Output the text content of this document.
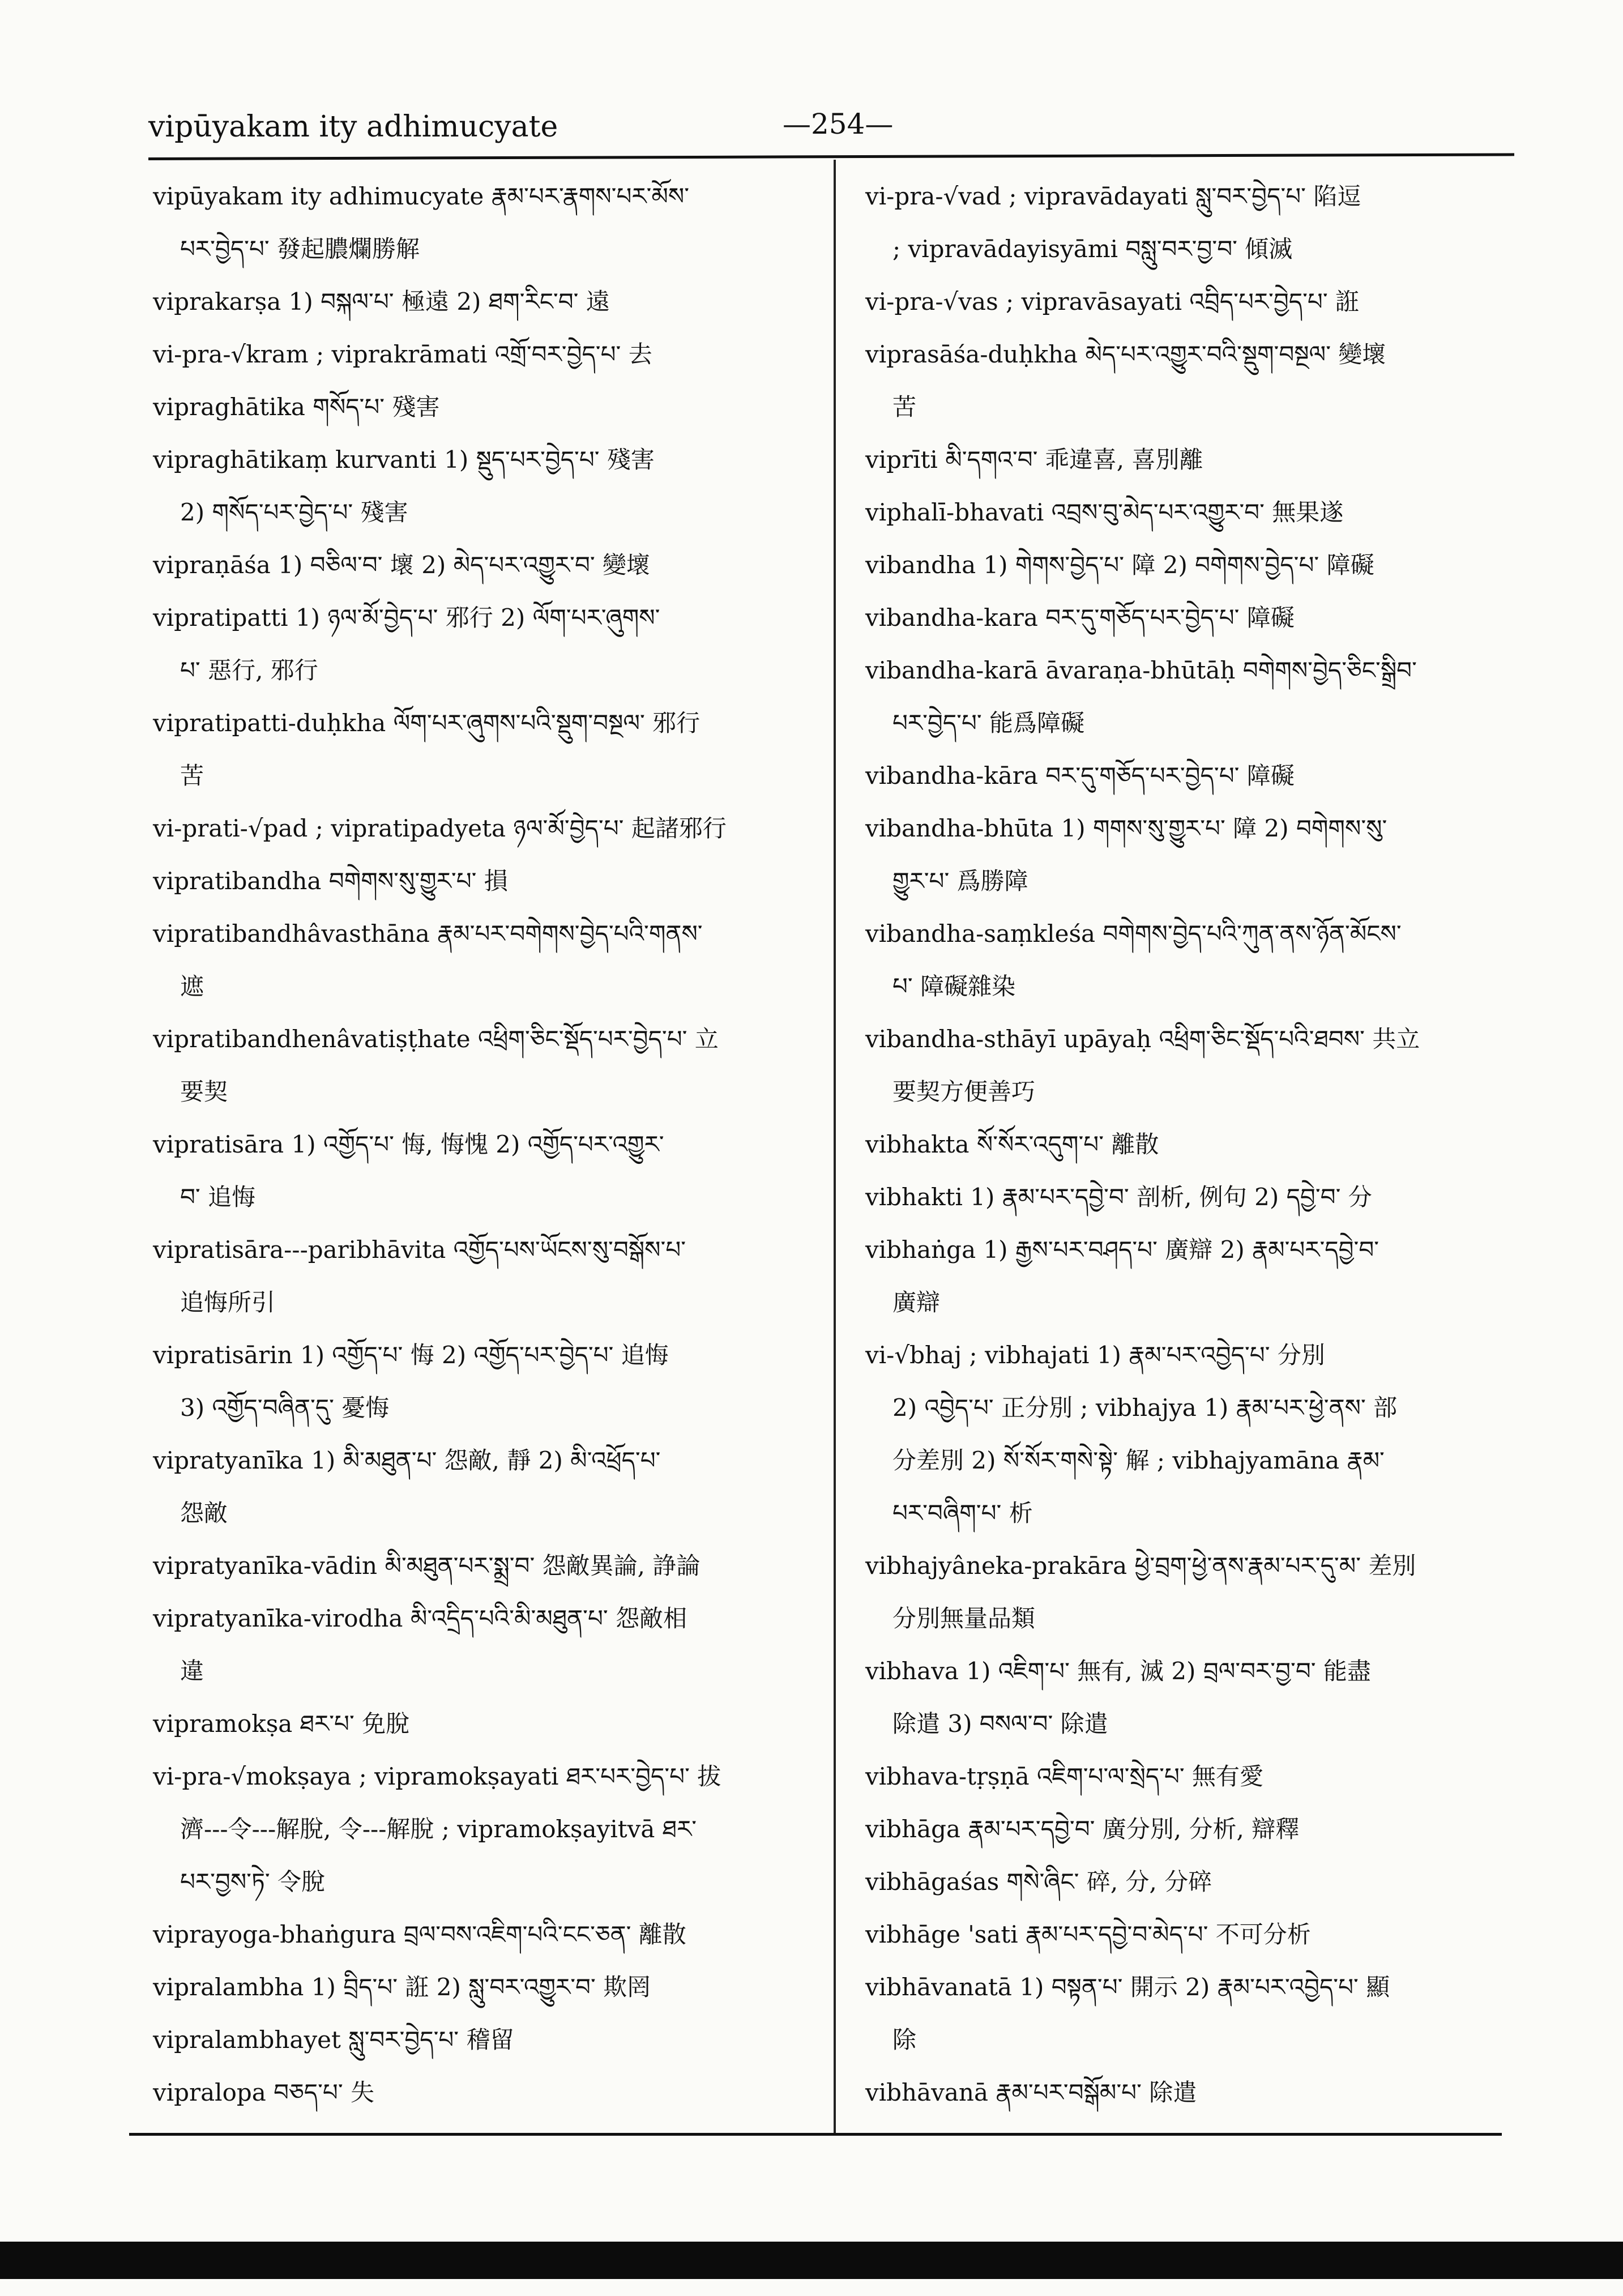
vipūyakam ity adhimucyate	—254—
vipūyakam ity adhimucyate རྣམ་པར་རྣགས་པར་མོས་
པར་བྱེད་པ་ 發起膿爛勝解
viprakarṣa 1) བསྐལ་པ་ 極遠 2) ཐག་རིང་བ་ 遠
vi-pra-√kram ; viprakrāmati འགྲོ་བར་བྱེད་པ་ 去
vipraghātika གསོད་པ་ 殘害
vipraghātikaṃ kurvanti 1) སྡུད་པར་བྱེད་པ་ 殘害
2) གསོད་པར་བྱེད་པ་ 殘害
vipraṇāśa 1) བཅིལ་བ་ 壞 2) མེད་པར་འགྱུར་བ་ 變壞
vipratipatti 1) ཉལ་མོ་བྱེད་པ་ 邪行 2) ལོག་པར་ཞུགས་
པ་ 惡行, 邪行
vipratipatti-duḥkha ལོག་པར་ཞུགས་པའི་སྡུག་བསྔལ་ 邪行
苦
vi-prati-√pad ; vipratipadyeta ཉལ་མོ་བྱེད་པ་ 起諸邪行
vipratibandha བགེགས་སུ་གྱུར་པ་ 損
vipratibandhâvasthāna རྣམ་པར་བགེགས་བྱེད་པའི་གནས་
遮
vipratibandhenâvatiṣṭhate འཕྲིག་ཅིང་སྡོད་པར་བྱེད་པ་ 立
要契
vipratisāra 1) འགྱོད་པ་ 悔, 悔愧 2) འགྱོད་པར་འགྱུར་
བ་ 追悔
vipratisāra---paribhāvita འགྱོད་པས་ཡོངས་སུ་བསྒོས་པ་
追悔所引
vipratisārin 1) འགྱོད་པ་ 悔 2) འགྱོད་པར་བྱེད་པ་ 追悔
3) འགྱོད་བཞིན་དུ་ 憂悔
vipratyanīka 1) མི་མཐུན་པ་ 怨敵, 靜 2) མི་འཕྲོད་པ་
怨敵
vipratyanīka-vādin མི་མཐུན་པར་སྨྲ་བ་ 怨敵異論, 諍論
vipratyanīka-virodha མི་འདྲིད་པའི་མི་མཐུན་པ་ 怨敵相
違
vipramokṣa ཐར་པ་ 免脫
vi-pra-√mokṣaya ; vipramokṣayati ཐར་པར་བྱེད་པ་ 拔
濟---令---解脫, 令---解脫 ; vipramokṣayitvā ཐར་
པར་བྱས་ཏེ་ 令脫
viprayoga-bhaṅgura བྲལ་བས་འཇིག་པའི་ངང་ཅན་ 離散
vipralambha 1) བྲིད་པ་ 誑 2) སླུ་བར་འགྱུར་བ་ 欺罔
vipralambhayet སླུ་བར་བྱེད་པ་ 稽留
vipralopa བཅད་པ་ 失
vi-pra-√vad ; vipravādayati སླུ་བར་བྱེད་པ་ 陷逗
; vipravādayisyāmi བསླུ་བར་བྱ་བ་ 傾滅
vi-pra-√vas ; vipravāsayati འབྲིད་པར་བྱེད་པ་ 誑
viprasāśa-duḥkha མེད་པར་འགྱུར་བའི་སྡུག་བསྔལ་ 變壞
苦
viprīti མི་དགའ་བ་ 乖違喜, 喜別離
viphalī-bhavati འབྲས་བུ་མེད་པར་འགྱུར་བ་ 無果遂
vibandha 1) གེགས་བྱེད་པ་ 障 2) བགེགས་བྱེད་པ་ 障礙
vibandha-kara བར་དུ་གཅོད་པར་བྱེད་པ་ 障礙
vibandha-karā āvaraṇa-bhūtāḥ བགེགས་བྱེད་ཅིང་སྒྲིབ་
པར་བྱེད་པ་ 能爲障礙
vibandha-kāra བར་དུ་གཅོད་པར་བྱེད་པ་ 障礙
vibandha-bhūta 1) གགས་སུ་གྱུར་པ་ 障 2) བགེགས་སུ་
གྱུར་པ་ 爲勝障
vibandha-saṃkleśa བགེགས་བྱེད་པའི་ཀུན་ནས་ཉོན་མོངས་
པ་ 障礙雜染
vibandha-sthāyī upāyaḥ འཕྲིག་ཅིང་སྡོད་པའི་ཐབས་ 共立
要契方便善巧
vibhakta སོ་སོར་འདུག་པ་ 離散
vibhakti 1) རྣམ་པར་དབྱེ་བ་ 剖析, 例句 2) དབྱེ་བ་ 分
vibhaṅga 1) རྒྱས་པར་བཤད་པ་ 廣辯 2) རྣམ་པར་དབྱེ་བ་
廣辯
vi-√bhaj ; vibhajati 1) རྣམ་པར་འབྱེད་པ་ 分別
2) འབྱེད་པ་ 正分別 ; vibhajya 1) རྣམ་པར་ཕྱེ་ནས་ 部
分差別 2) སོ་སོར་གསེ་སྟེ་ 解 ; vibhajyamāna རྣམ་
པར་བཞིག་པ་ 析
vibhajyâneka-prakāra ཕྱེ་བྲག་ཕྱེ་ནས་རྣམ་པར་དུ་མ་ 差別
分別無量品類
vibhava 1) འཇིག་པ་ 無有, 滅 2) བྲལ་བར་བྱ་བ་ 能盡
除遣 3) བསལ་བ་ 除遣
vibhava-tṛṣṇā འཇིག་པ་ལ་སྲེད་པ་ 無有愛
vibhāga རྣམ་པར་དབྱེ་བ་ 廣分別, 分析, 辯釋
vibhāgaśas གསེ་ཞིང་ 碎, 分, 分碎
vibhāge 'sati རྣམ་པར་དབྱེ་བ་མེད་པ་ 不可分析
vibhāvanatā 1) བསྟན་པ་ 開示 2) རྣམ་པར་འབྱེད་པ་ 顯
除
vibhāvanā རྣམ་པར་བསྒོམ་པ་ 除遣
